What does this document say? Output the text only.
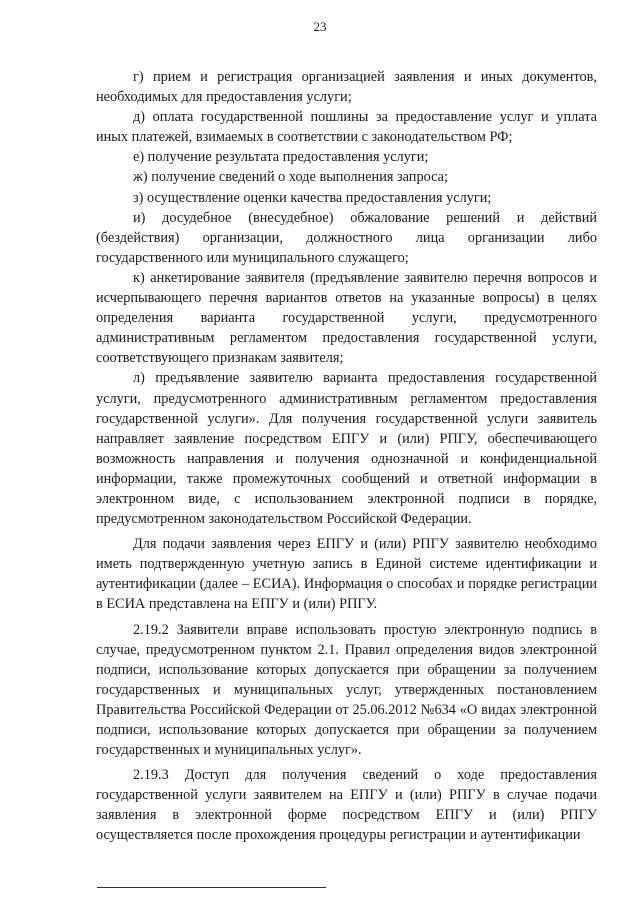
23

г) прием и регистрация организацией заявления и иных документов, необходимых для предоставления услуги;

д) оплата государственной пошлины за предоставление услуг и уплата иных платежей, взимаемых в соответствии с законодательством РФ;

е) получение результата предоставления услуги;

ж) получение сведений о ходе выполнения запроса;

з) осуществление оценки качества предоставления услуги;

и) досудебное (внесудебное) обжалование решений и действий (бездействия) организации, должностного лица организации либо государственного или муниципального служащего;

к) анкетирование заявителя (предъявление заявителю перечня вопросов и исчерпывающего перечня вариантов ответов на указанные вопросы) в целях определения варианта государственной услуги, предусмотренного административным регламентом предоставления государственной услуги, соответствующего признакам заявителя;

л) предъявление заявителю варианта предоставления государственной услуги, предусмотренного административным регламентом предоставления государственной услуги». Для получения государственной услуги заявитель направляет заявление посредством ЕПГУ и (или) РПГУ, обеспечивающего возможность направления и получения однозначной и конфиденциальной информации, также промежуточных сообщений и ответной информации в электронном виде, с использованием электронной подписи в порядке, предусмотренном законодательством Российской Федерации.

Для подачи заявления через ЕПГУ и (или) РПГУ заявителю необходимо иметь подтвержденную учетную запись в Единой системе идентификации и аутентификации (далее – ЕСИА). Информация о способах и порядке регистрации в ЕСИА представлена на ЕПГУ и (или) РПГУ.

2.19.2 Заявители вправе использовать простую электронную подпись в случае, предусмотренном пунктом 2.1. Правил определения видов электронной подписи, использование которых допускается при обращении за получением государственных и муниципальных услуг, утвержденных постановлением Правительства Российской Федерации от 25.06.2012 №634 «О видах электронной подписи, использование которых допускается при обращении за получением государственных и муниципальных услуг».

2.19.3 Доступ для получения сведений о ходе предоставления государственной услуги заявителем на ЕПГУ и (или) РПГУ в случае подачи заявления в электронной форме посредством ЕПГУ и (или) РПГУ осуществляется после прохождения процедуры регистрации и аутентификации
